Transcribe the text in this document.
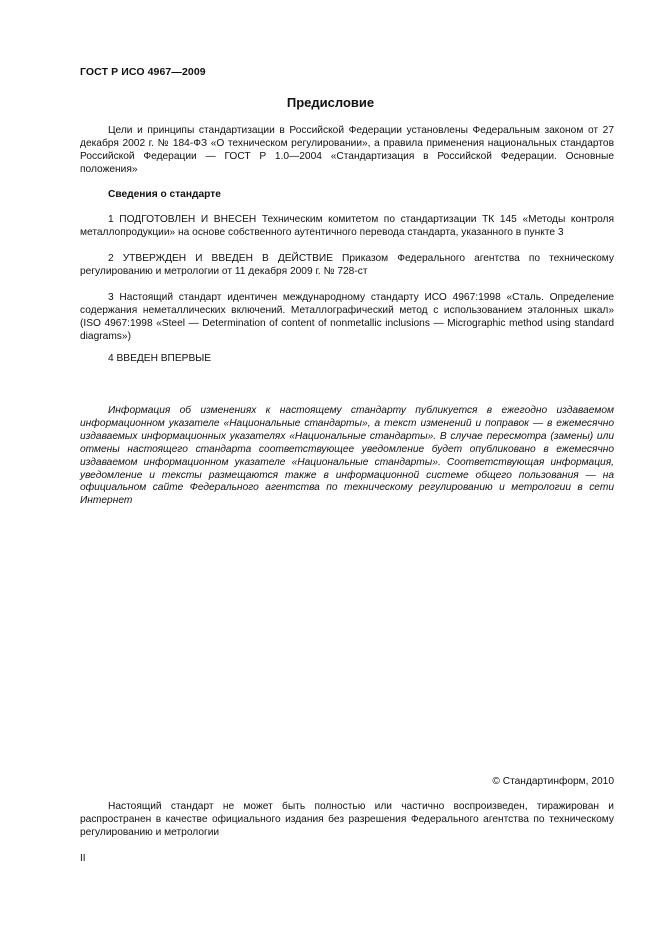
ГОСТ Р ИСО 4967—2009
Предисловие

Цели и принципы стандартизации в Российской Федерации установлены Федеральным законом от 27 декабря 2002 г. № 184-ФЗ «О техническом регулировании», а правила применения национальных стандартов Российской Федерации — ГОСТ Р 1.0—2004 «Стандартизация в Российской Федерации. Основные положения»

Сведения о стандарте

1 ПОДГОТОВЛЕН И ВНЕСЕН Техническим комитетом по стандартизации ТК 145 «Методы контроля металлопродукции» на основе собственного аутентичного перевода стандарта, указанного в пункте 3

2 УТВЕРЖДЕН И ВВЕДЕН В ДЕЙСТВИЕ Приказом Федерального агентства по техническому регулированию и метрологии от 11 декабря 2009 г. № 728-ст

3 Настоящий стандарт идентичен международному стандарту ИСО 4967:1998 «Сталь. Определение содержания неметаллических включений. Металлографический метод с использованием эталонных шкал» (ISO 4967:1998 «Steel — Determination of content of nonmetallic inclusions — Micrographic method using standard diagrams»)

4 ВВЕДЕН ВПЕРВЫЕ

Информация об изменениях к настоящему стандарту публикуется в ежегодно издаваемом информационном указателе «Национальные стандарты», а текст изменений и поправок — в ежемесячно издаваемых информационных указателях «Национальные стандарты». В случае пересмотра (замены) или отмены настоящего стандарта соответствующее уведомление будет опубликовано в ежемесячно издаваемом информационном указателе «Национальные стандарты». Соответствующая информация, уведомление и тексты размещаются также в информационной системе общего пользования — на официальном сайте Федерального агентства по техническому регулированию и метрологии в сети Интернет

© Стандартинформ, 2010

Настоящий стандарт не может быть полностью или частично воспроизведен, тиражирован и распространен в качестве официального издания без разрешения Федерального агентства по техническому регулированию и метрологии

II
